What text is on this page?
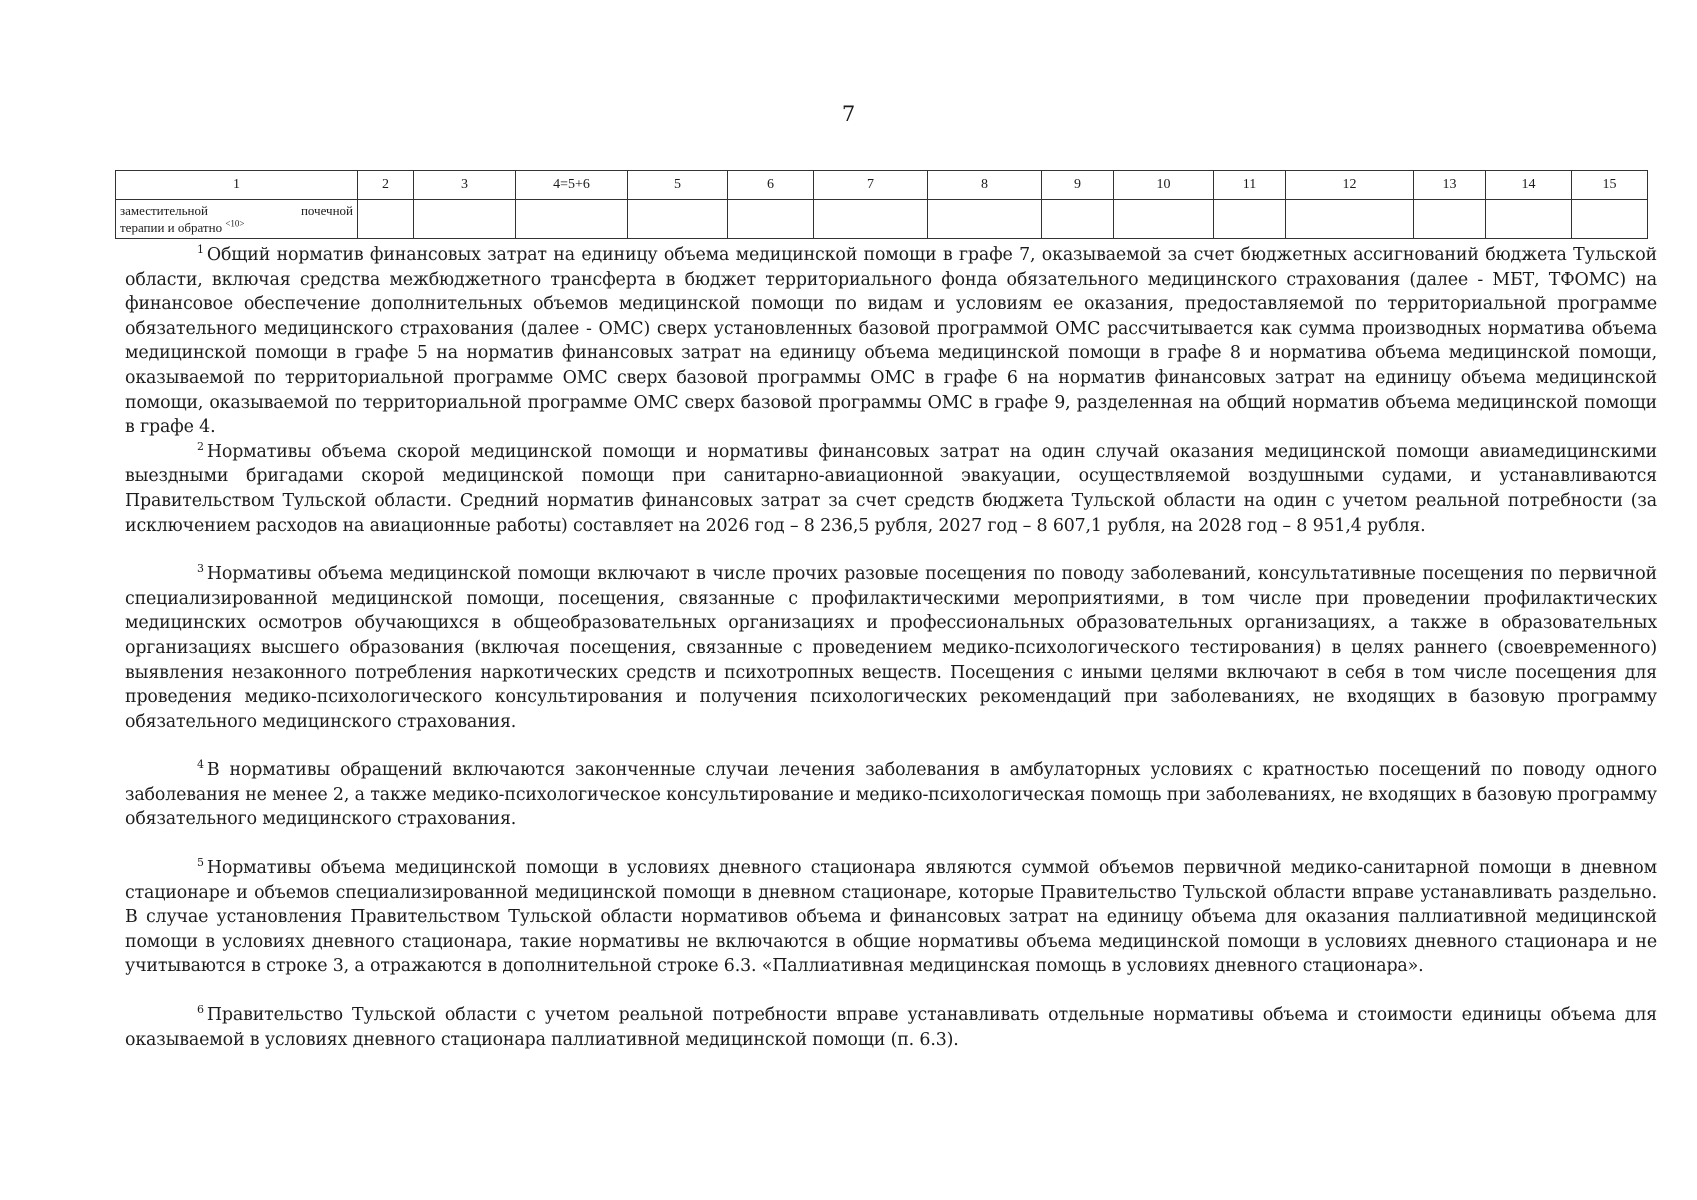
7
1	2	3	4=5+6	5	6	7	8	9	10	11	12	13	14	15

заместительной почечной
терапии и обратно $^{<10>}$

$^1$ Общий норматив финансовых затрат на единицу объема медицинской помощи в графе 7, оказываемой за счет бюджетных ассигнований бюджета Тульской области, включая средства межбюджетного трансферта в бюджет территориального фонда обязательного медицинского страхования (далее - МБТ, ТФОМС) на финансовое обеспечение дополнительных объемов медицинской помощи по видам и условиям ее оказания, предоставляемой по территориальной программе обязательного медицинского страхования (далее - ОМС) сверх установленных базовой программой ОМС рассчитывается как сумма производных норматива объема медицинской помощи в графе 5 на норматив финансовых затрат на единицу объема медицинской помощи в графе 8 и норматива объема медицинской помощи, оказываемой по территориальной программе ОМС сверх базовой программы ОМС в графе 6 на норматив финансовых затрат на единицу объема медицинской помощи, оказываемой по территориальной программе ОМС сверх базовой программы ОМС в графе 9, разделенная на общий норматив объема медицинской помощи в графе 4.

$^2$ Нормативы объема скорой медицинской помощи и нормативы финансовых затрат на один случай оказания медицинской помощи авиамедицинскими выездными бригадами скорой медицинской помощи при санитарно-авиационной эвакуации, осуществляемой воздушными судами, и устанавливаются Правительством Тульской области. Средний норматив финансовых затрат за счет средств бюджета Тульской области на один с учетом реальной потребности (за исключением расходов на авиационные работы) составляет на 2026 год – 8 236,5 рубля, 2027 год – 8 607,1 рубля, на 2028 год – 8 951,4 рубля.

$^3$ Нормативы объема медицинской помощи включают в числе прочих разовые посещения по поводу заболеваний, консультативные посещения по первичной специализированной медицинской помощи, посещения, связанные с профилактическими мероприятиями, в том числе при проведении профилактических медицинских осмотров обучающихся в общеобразовательных организациях и профессиональных образовательных организациях, а также в образовательных организациях высшего образования (включая посещения, связанные с проведением медико-психологического тестирования) в целях раннего (своевременного) выявления незаконного потребления наркотических средств и психотропных веществ. Посещения с иными целями включают в себя в том числе посещения для проведения медико-психологического консультирования и получения психологических рекомендаций при заболеваниях, не входящих в базовую программу обязательного медицинского страхования.

$^4$ В нормативы обращений включаются законченные случаи лечения заболевания в амбулаторных условиях с кратностью посещений по поводу одного заболевания не менее 2, а также медико-психологическое консультирование и медико-психологическая помощь при заболеваниях, не входящих в базовую программу обязательного медицинского страхования.

$^5$ Нормативы объема медицинской помощи в условиях дневного стационара являются суммой объемов первичной медико-санитарной помощи в дневном стационаре и объемов специализированной медицинской помощи в дневном стационаре, которые Правительство Тульской области вправе устанавливать раздельно. В случае установления Правительством Тульской области нормативов объема и финансовых затрат на единицу объема для оказания паллиативной медицинской помощи в условиях дневного стационара, такие нормативы не включаются в общие нормативы объема медицинской помощи в условиях дневного стационара и не учитываются в строке 3, а отражаются в дополнительной строке 6.3. «Паллиативная медицинская помощь в условиях дневного стационара».

$^6$ Правительство Тульской области с учетом реальной потребности вправе устанавливать отдельные нормативы объема и стоимости единицы объема для оказываемой в условиях дневного стационара паллиативной медицинской помощи (п. 6.3).
